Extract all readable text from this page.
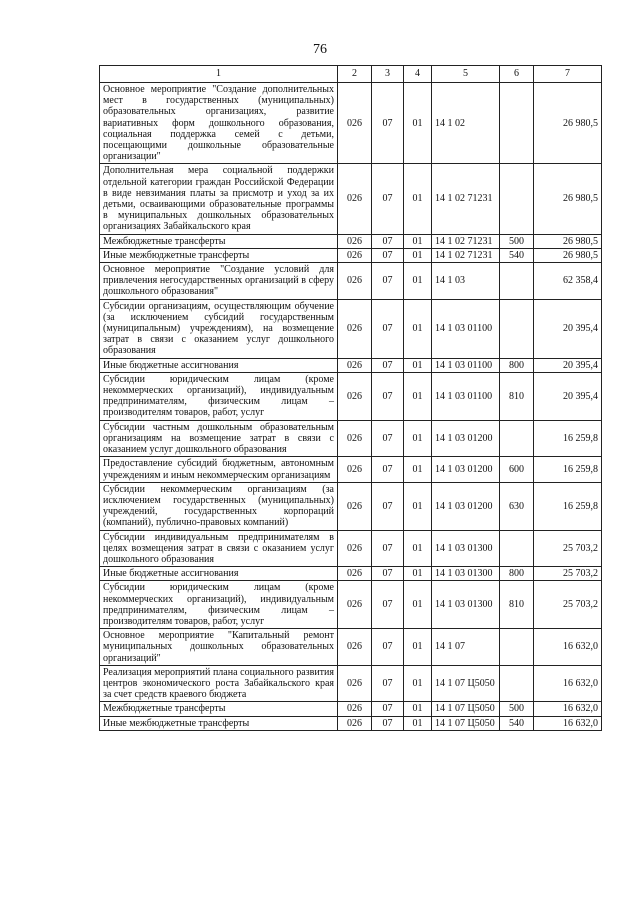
76
1	2	3	4	5	6	7
Основное мероприятие "Создание дополнительных мест в государственных (муниципальных) образовательных организациях, развитие вариативных форм дошкольного образования, социальная поддержка семей с детьми, посещающими дошкольные образовательные организации"	026	07	01	14 1 02		26 980,5
Дополнительная мера социальной поддержки отдельной категории граждан Российской Федерации в виде невзимания платы за присмотр и уход за их детьми, осваивающими образовательные программы в муниципальных дошкольных образовательных организациях Забайкальского края	026	07	01	14 1 02 71231		26 980,5
Межбюджетные трансферты	026	07	01	14 1 02 71231	500	26 980,5
Иные межбюджетные трансферты	026	07	01	14 1 02 71231	540	26 980,5
Основное мероприятие "Создание условий для привлечения негосударственных организаций в сферу дошкольного образования"	026	07	01	14 1 03		62 358,4
Субсидии организациям, осуществляющим обучение (за исключением субсидий государственным (муниципальным) учреждениям), на возмещение затрат в связи с оказанием услуг дошкольного образования	026	07	01	14 1 03 01100		20 395,4
Иные бюджетные ассигнования	026	07	01	14 1 03 01100	800	20 395,4
Субсидии юридическим лицам (кроме некоммерческих организаций), индивидуальным предпринимателям, физическим лицам – производителям товаров, работ, услуг	026	07	01	14 1 03 01100	810	20 395,4
Субсидии частным дошкольным образовательным организациям на возмещение затрат в связи с оказанием услуг дошкольного образования	026	07	01	14 1 03 01200		16 259,8
Предоставление субсидий бюджетным, автономным учреждениям и иным некоммерческим организациям	026	07	01	14 1 03 01200	600	16 259,8
Субсидии некоммерческим организациям (за исключением государственных (муниципальных) учреждений, государственных корпораций (компаний), публично-правовых компаний)	026	07	01	14 1 03 01200	630	16 259,8
Субсидии индивидуальным предпринимателям в целях возмещения затрат в связи с оказанием услуг дошкольного образования	026	07	01	14 1 03 01300		25 703,2
Иные бюджетные ассигнования	026	07	01	14 1 03 01300	800	25 703,2
Субсидии юридическим лицам (кроме некоммерческих организаций), индивидуальным предпринимателям, физическим лицам – производителям товаров, работ, услуг	026	07	01	14 1 03 01300	810	25 703,2
Основное мероприятие "Капитальный ремонт муниципальных дошкольных образовательных организаций"	026	07	01	14 1 07		16 632,0
Реализация мероприятий плана социального развития центров экономического роста Забайкальского края за счет средств краевого бюджета	026	07	01	14 1 07 Ц5050		16 632,0
Межбюджетные трансферты	026	07	01	14 1 07 Ц5050	500	16 632,0
Иные межбюджетные трансферты	026	07	01	14 1 07 Ц5050	540	16 632,0
